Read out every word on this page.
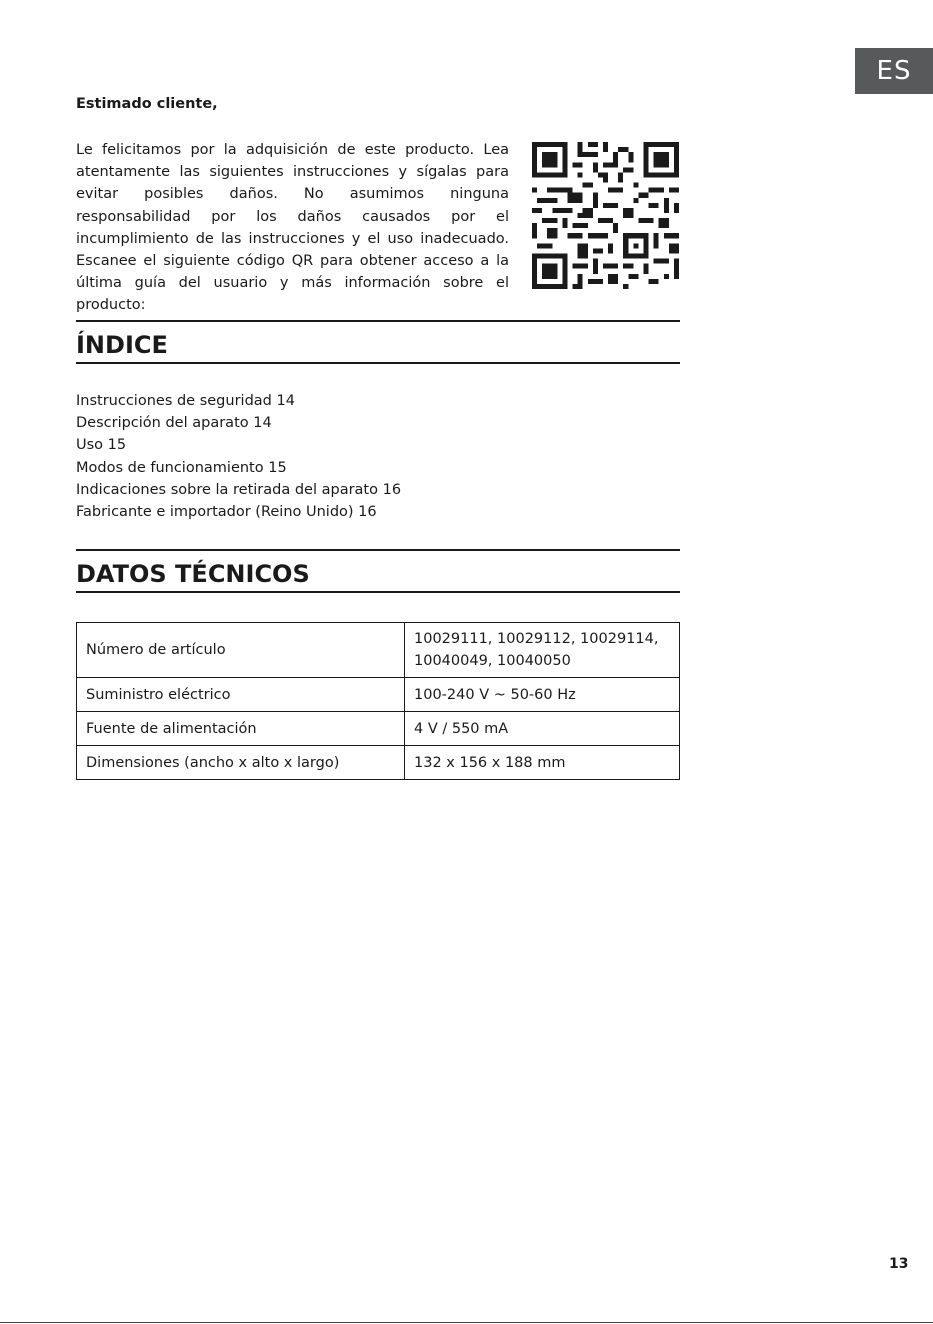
ES
Estimado cliente,

Le felicitamos por la adquisición de este producto. Lea atentamente las siguientes instrucciones y sígalas para evitar posibles daños. No asumimos ninguna responsabilidad por los daños causados por el incumplimiento de las instrucciones y el uso inadecuado. Escanee el siguiente código QR para obtener acceso a la última guía del usuario y más información sobre el producto:

ÍNDICE
Instrucciones de seguridad 14
Descripción del aparato 14
Uso 15
Modos de funcionamiento 15
Indicaciones sobre la retirada del aparato 16
Fabricante e importador (Reino Unido) 16
DATOS TÉCNICOS
Número de artículo	10029111, 10029112, 10029114, 10040049, 10040050
Suministro eléctrico	100-240 V ~ 50-60 Hz
Fuente de alimentación	4 V / 550 mA
Dimensiones (ancho x alto x largo)	132 x 156 x 188 mm
13
